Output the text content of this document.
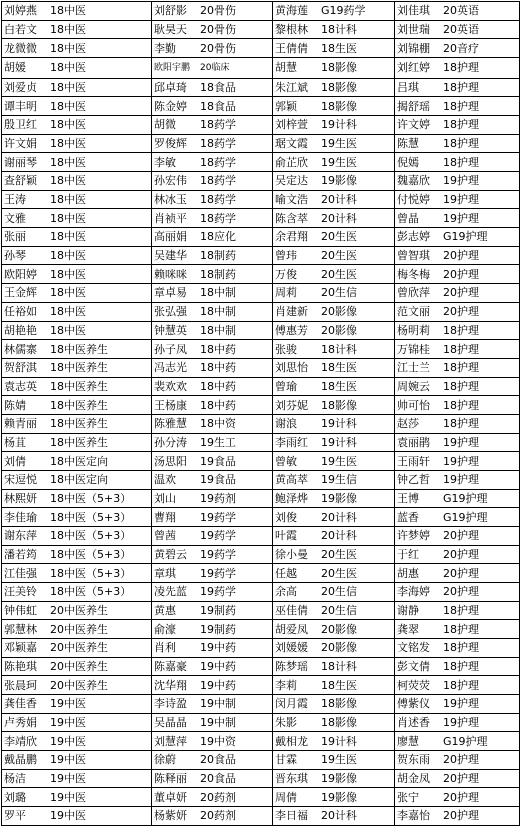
刘婷燕 18中医	刘舒影 20骨伤	黄海莲 G19药学	刘佳琪 20英语
白若文 18中医	耿昊天 20骨伤	黎根林 18计科	刘世瑞 20英语
龙微微 18中医	李勤 20骨伤	王倩倩 18生医	刘锦棚 20音疗
胡媛 18中医	欧阳宇鹏 20临床	胡慧 18影像	刘红婷 18护理
刘爱贞 18中医	邱卓琦 18食品	朱江斌 18影像	吕琪 18护理
谭丰明 18中医	陈金婷 18食品	郭颖 18影像	揭舒瑶 18护理
殷卫红 18中医	胡微 18药学	刘梓萱 19计科	许文婷 18护理
许文娟 18中医	罗俊辉 18药学	琚文霞 19生医	陈慧 18护理
谢丽琴 18中医	李敏 18药学	俞芷欣 19生医	倪嫣 18护理
查舒颖 18中医	孙宏伟 18药学	吴定达 19影像	魏嘉欣 19护理
王涛 18中医	林冰玉 18药学	喻文浩 20计科	付悦婷 19护理
文雅 18中医	肖祯平 18药学	陈含萃 20计科	曾晶 19护理
张丽 18中医	高丽娟 18应化	余君翔 20生医	彭志婷 G19护理
孙琴 18中医	吴建华 18制药	曾玮 20生医	曾智琪 20护理
欧阳婷 18中医	赖咪咪 18制药	万俊 20生医	梅冬梅 20护理
王金辉 18中医	章卓易 18中制	周莉 20生信	曾欣萍 20护理
任裕如 18中医	张弘强 18中制	肖建新 20影像	范文丽 20护理
胡艳艳 18中医	钟慧英 18中制	傅惠芳 20影像	杨明莉 18护理
林儒寨 18中医养生	孙子凤 18中药	张骏 18计科	万锦桂 18护理
贺舒淇 18中医养生	冯志光 18中药	刘思怡 18生医	江士兰 18护理
袁志英 18中医养生	裴欢欢 18中药	曾瑜 18生医	周婉云 18护理
陈婧 18中医养生	王杨康 18中药	刘芬妮 18影像	帅可怡 18护理
赖青丽 18中医养生	陈雅慧 18中资	谢浪 19计科	赵莎 18护理
杨苴 18中医养生	孙分涛 19生工	李雨红 19计科	袁丽鹃 19护理
刘倩 18中医定向	汤思阳 19食品	曾敏 19生医	王雨轩 19护理
宋逗悦 18中医定向	温欢 19食品	黄高萃 19生信	钟乙哲 19护理
林熙妍 18中医（5+3）	刘山 19药剂	鲍泽烨 19影像	王博 G19护理
李佳瑜 18中医（5+3）	曹翔 19药学	刘俊 20计科	蓝香 G19护理
谢东萍 18中医（5+3）	曾茜 19药学	叶霞 20计科	许梦婷 20护理
潘若筠 18中医（5+3）	黄碧云 19药学	徐小曼 20生医	于红 20护理
江佳强 18中医（5+3）	章琪 19药学	任越 20生医	胡惠 20护理
汪美铃 18中医（5+3）	凌先蓝 19药学	余高 20生信	李海婷 20护理
钟伟虹 20中医养生	黄惠 19制药	巫佳倩 20生信	谢静 18护理
郭慧林 20中医养生	俞濠 19制药	胡爱凤 20影像	龚翠 18护理
邓颖嘉 20中医养生	肖利 19中药	刘媛媛 20影像	文铭发 18护理
陈艳琪 20中医养生	陈嘉豪 19中药	陈梦瑶 18计科	彭文倩 18护理
张晨珂 20中医养生	沈华翔 19中药	李莉 18生医	柯荧荧 18护理
龚佳香 19中医	李诗盈 19中制	闵月霞 18影像	傅紫仪 19护理
卢秀娟 19中医	吴晶晶 19中制	朱影 18影像	肖述香 19护理
李靖欣 19中医	刘慧萍 19中资	戴相龙 19计科	廖慧 G19护理
戴晶鹏 19中医	徐蔚 20食品	甘霖 19生医	贺东雨 20护理
杨洁 19中医	陈释丽 20食品	晋东琪 19影像	胡金凤 20护理
刘璐 19中医	董卓妍 20药剂	周倩 19影像	张宁 20护理
罗平 19中医	杨紫妍 20药剂	李日福 20计科	李嘉怡 20护理
